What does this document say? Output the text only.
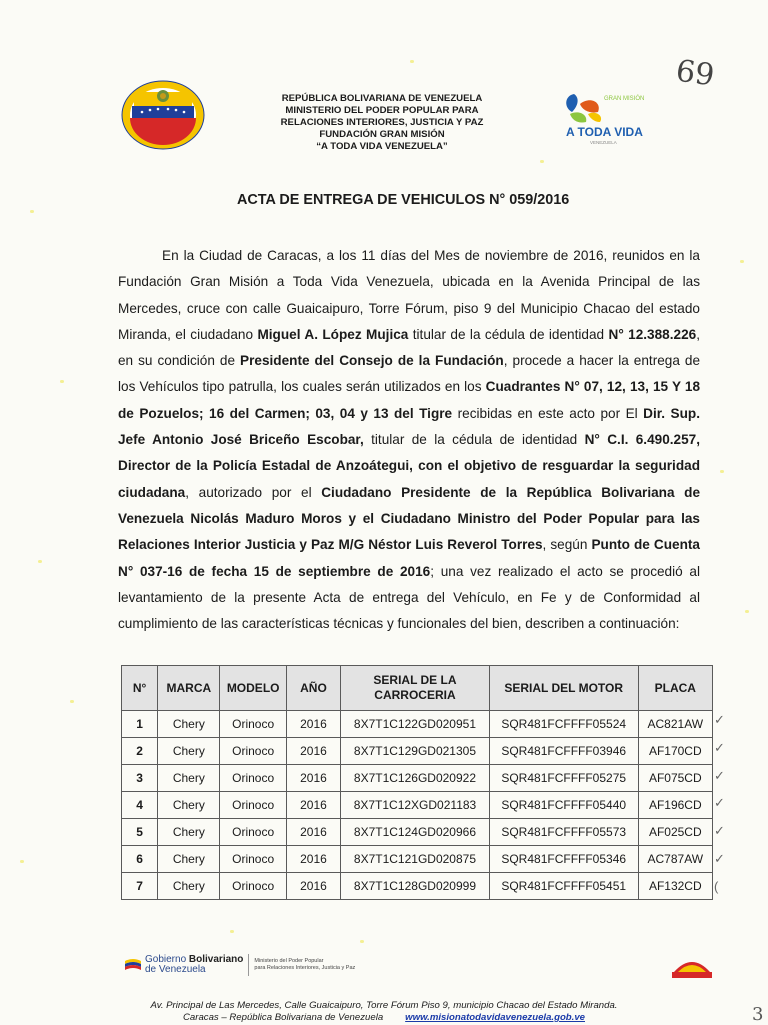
REPÚBLICA BOLIVARIANA DE VENEZUELA
MINISTERIO DEL PODER POPULAR PARA
RELACIONES INTERIORES, JUSTICIA Y PAZ
FUNDACIÓN GRAN MISIÓN
“A TODA VIDA VENEZUELA”
GRAN MISIÓN
A TODA VIDA
VENEZUELA
69
ACTA DE ENTREGA DE VEHICULOS N° 059/2016

En la Ciudad de Caracas, a los 11 días del Mes de noviembre de 2016, reunidos en la Fundación Gran Misión a Toda Vida Venezuela, ubicada en la Avenida Principal de las Mercedes, cruce con calle Guaicaipuro, Torre Fórum, piso 9 del Municipio Chacao del estado Miranda, el ciudadano Miguel A. López Mujica titular de la cédula de identidad N° 12.388.226, en su condición de Presidente del Consejo de la Fundación, procede a hacer la entrega de los Vehículos tipo patrulla, los cuales serán utilizados en los Cuadrantes N° 07, 12, 13, 15 Y 18 de Pozuelos; 16 del Carmen; 03, 04 y 13 del Tigre recibidas en este acto por El Dir. Sup. Jefe Antonio José Briceño Escobar, titular de la cédula de identidad N° C.I. 6.490.257, Director de la Policía Estadal de Anzoátegui, con el objetivo de resguardar la seguridad ciudadana, autorizado por el Ciudadano Presidente de la República Bolivariana de Venezuela Nicolás Maduro Moros y el Ciudadano Ministro del Poder Popular para las Relaciones Interior Justicia y Paz M/G Néstor Luis Reverol Torres, según Punto de Cuenta N° 037-16 de fecha 15 de septiembre de 2016; una vez realizado el acto se procedió al levantamiento de la presente Acta de entrega del Vehículo, en Fe y de Conformidad al cumplimiento de las características técnicas y funcionales del bien, describen a continuación:

N°	MARCA	MODELO	AÑO	SERIAL DE LA CARROCERIA	SERIAL DEL MOTOR	PLACA
1	Chery	Orinoco	2016	8X7T1C122GD020951	SQR481FCFFFF05524	AC821AW
2	Chery	Orinoco	2016	8X7T1C129GD021305	SQR481FCFFFF03946	AF170CD
3	Chery	Orinoco	2016	8X7T1C126GD020922	SQR481FCFFFF05275	AF075CD
4	Chery	Orinoco	2016	8X7T1C12XGD021183	SQR481FCFFFF05440	AF196CD
5	Chery	Orinoco	2016	8X7T1C124GD020966	SQR481FCFFFF05573	AF025CD
6	Chery	Orinoco	2016	8X7T1C121GD020875	SQR481FCFFFF05346	AC787AW
7	Chery	Orinoco	2016	8X7T1C128GD020999	SQR481FCFFFF05451	AF132CD
✓
✓
✓
✓
✓
✓
(
Gobierno Bolivariano
de Venezuela
Ministerio del Poder Popular
para Relaciones Interiores, Justicia y Paz
Av. Principal de Las Mercedes, Calle Guaicaipuro, Torre Fórum Piso 9, municipio Chacao del Estado Miranda.
Caracas – República Bolivariana de Venezuela www.misionatodavidavenezuela.gob.ve	3
